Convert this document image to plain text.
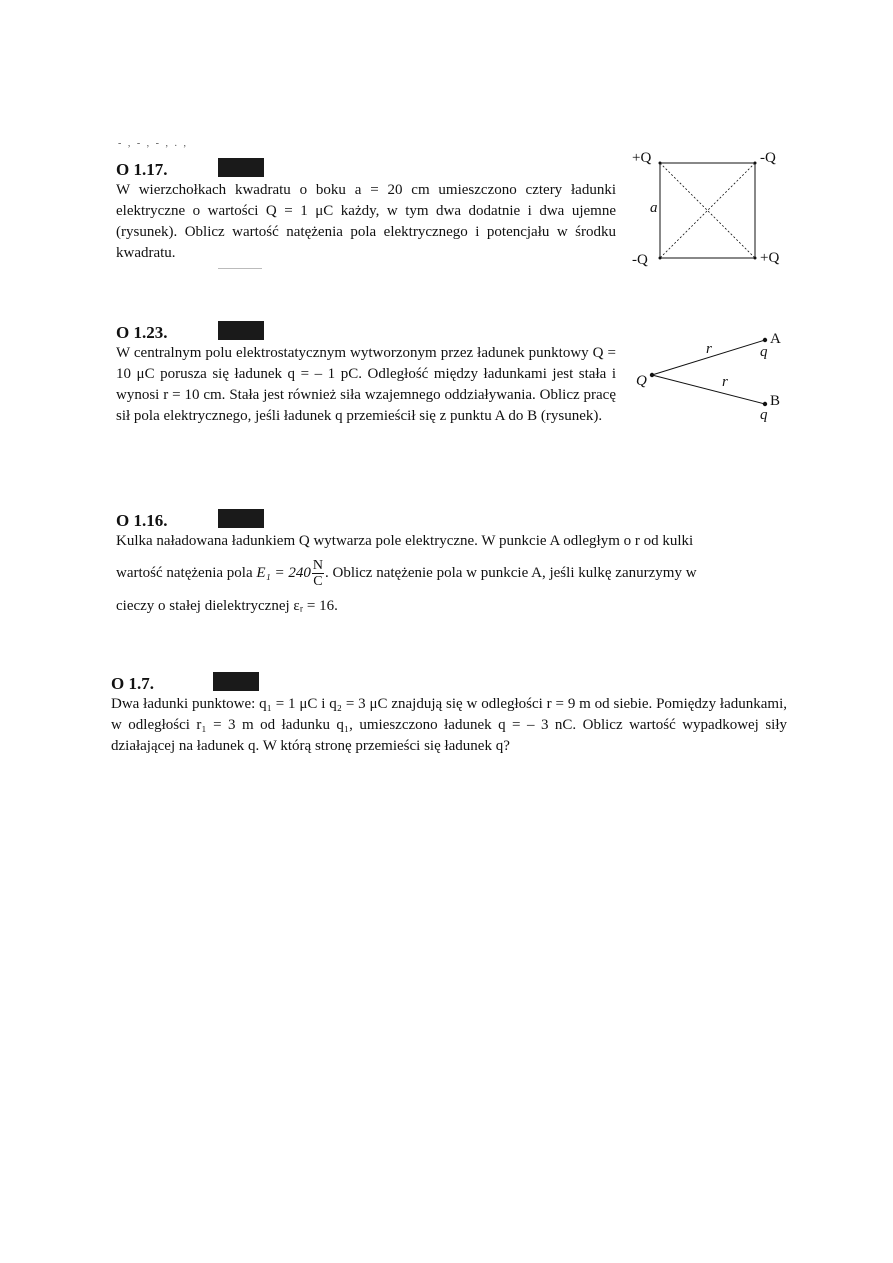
- , - , - , . ,
O 1.17.
W wierzchołkach kwadratu o boku a = 20 cm umieszczono cztery ładunki elektryczne o wartości Q = 1 μC każdy, w tym dwa dodatnie i dwa ujemne (rysunek). Oblicz wartość natężenia pola elektrycznego i potencjału w środku kwadratu.
+Q	-Q
-Q	+Q
a
O 1.23.
W centralnym polu elektrostatycznym wytworzonym przez ładunek punktowy Q = 10 μC porusza się ładunek q = – 1 pC. Odległość między ładunkami jest stała i wynosi r = 10 cm. Stała jest również siła wzajemnego oddziaływania. Oblicz pracę sił pola elektrycznego, jeśli ładunek q przemieścił się z punktu A do B (rysunek).
Q
r
r
A
q
B
q
O 1.16.
Kulka naładowana ładunkiem Q wytwarza pole elektryczne. W punkcie A odległym o r od kulki
wartość natężenia pola $E_1 = 240 \frac{N}{C}$ . Oblicz natężenie pola w punkcie A, jeśli kulkę zanurzymy w
cieczy o stałej dielektrycznej εᵣ = 16.
O 1.7.
Dwa ładunki punktowe: q₁ = 1 μC i q₂ = 3 μC znajdują się w odległości r = 9 m od siebie. Pomiędzy ładunkami, w odległości r₁ = 3 m od ładunku q₁, umieszczono ładunek q = – 3 nC. Oblicz wartość wypadkowej siły działającej na ładunek q. W którą stronę przemieści się ładunek q?
